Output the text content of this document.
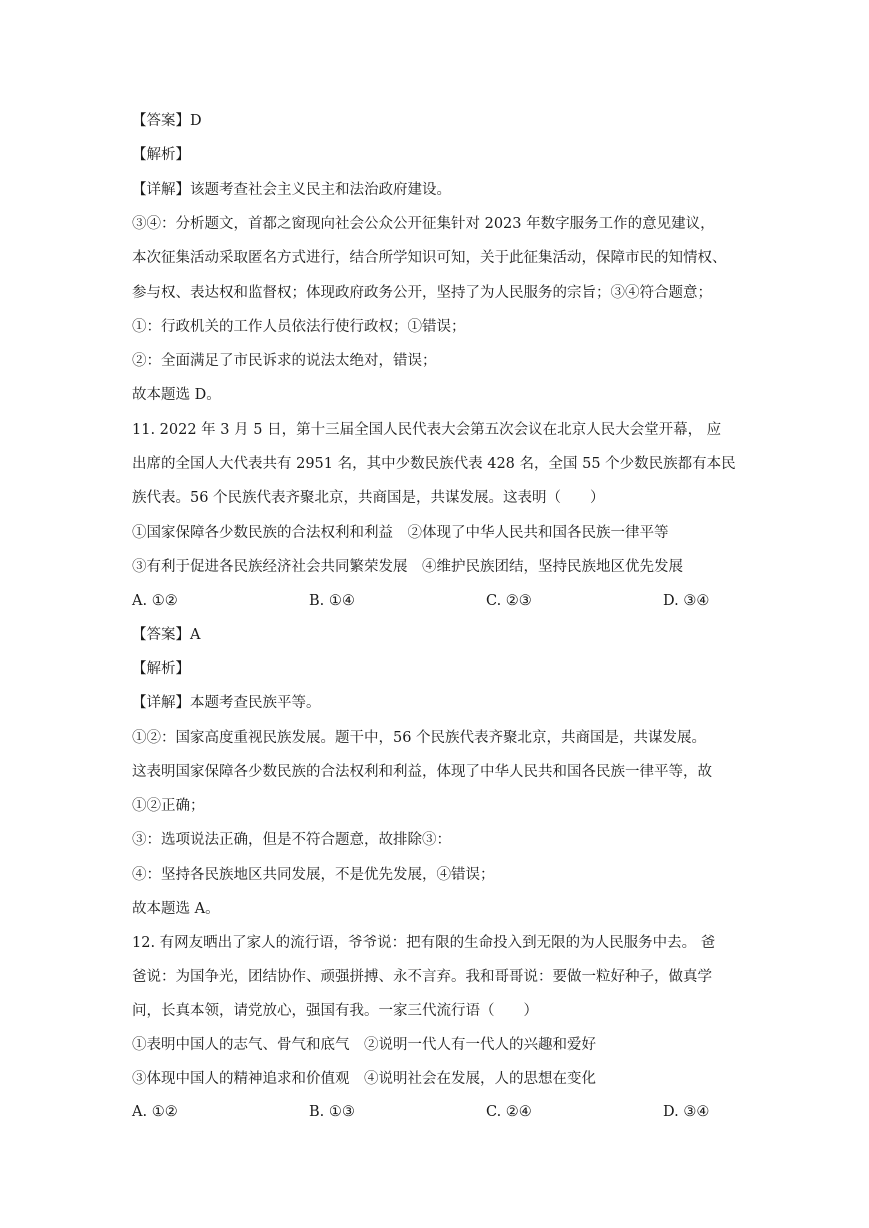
【答案】D
【解析】
【详解】该题考查社会主义民主和法治政府建设。
③④：分析题文，首都之窗现向社会公众公开征集针对 2023 年数字服务工作的意见建议，
本次征集活动采取匿名方式进行，结合所学知识可知，关于此征集活动，保障市民的知情权、
参与权、表达权和监督权；体现政府政务公开，坚持了为人民服务的宗旨；③④符合题意；
①：行政机关的工作人员依法行使行政权；①错误；
②：全面满足了市民诉求的说法太绝对，错误；
故本题选 D。
11. 2022 年 3 月 5 日，第十三届全国人民代表大会第五次会议在北京人民大会堂开幕， 应
出席的全国人大代表共有 2951 名，其中少数民族代表 428 名，全国 55 个少数民族都有本民
族代表。56 个民族代表齐聚北京，共商国是，共谋发展。这表明（　　）
①国家保障各少数民族的合法权利和利益　②体现了中华人民共和国各民族一律平等
③有利于促进各民族经济社会共同繁荣发展　④维护民族团结，坚持民族地区优先发展
A. ①②	B. ①④	C. ②③	D. ③④
【答案】A
【解析】
【详解】本题考查民族平等。
①②：国家高度重视民族发展。题干中，56 个民族代表齐聚北京，共商国是，共谋发展。
这表明国家保障各少数民族的合法权利和利益，体现了中华人民共和国各民族一律平等，故
①②正确；
③：选项说法正确，但是不符合题意，故排除③：
④：坚持各民族地区共同发展，不是优先发展，④错误；
故本题选 A。
12. 有网友晒出了家人的流行语，爷爷说：把有限的生命投入到无限的为人民服务中去。 爸
爸说：为国争光，团结协作、顽强拼搏、永不言弃。我和哥哥说：要做一粒好种子，做真学
问，长真本领，请党放心，强国有我。一家三代流行语（　　）
①表明中国人的志气、骨气和底气　②说明一代人有一代人的兴趣和爱好
③体现中国人的精神追求和价值观　④说明社会在发展，人的思想在变化
A. ①②	B. ①③	C. ②④	D. ③④
